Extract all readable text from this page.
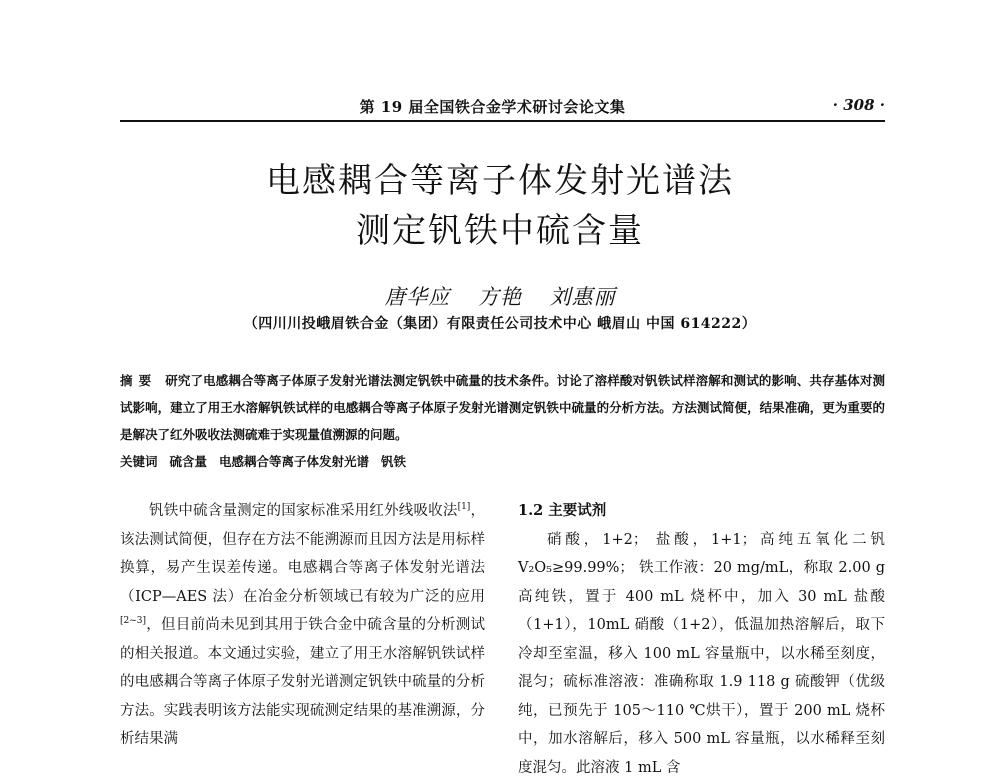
第 19 届全国铁合金学术研讨会论文集	· 308 ·
电感耦合等离子体发射光谱法
测定钒铁中硫含量
唐华应 方艳 刘惠丽
（四川川投峨眉铁合金（集团）有限责任公司技术中心 峨眉山 中国 614222）
摘要 研究了电感耦合等离子体原子发射光谱法测定钒铁中硫量的技术条件。讨论了溶样酸对钒铁试样溶解和测试的影响、共存基体对测试影响，建立了用王水溶解钒铁试样的电感耦合等离子体原子发射光谱测定钒铁中硫量的分析方法。方法测试简便，结果准确，更为重要的是解决了红外吸收法测硫难于实现量值溯源的问题。
关键词 硫含量 电感耦合等离子体发射光谱 钒铁

钒铁中硫含量测定的国家标准采用红外线吸收法[1]，该法测试简便，但存在方法不能溯源而且因方法是用标样换算，易产生误差传递。电感耦合等离子体发射光谱法（ICP—AES 法）在冶金分析领域已有较为广泛的应用[2~3]，但目前尚未见到其用于铁合金中硫含量的分析测试的相关报道。本文通过实验，建立了用王水溶解钒铁试样的电感耦合等离子体原子发射光谱测定钒铁中硫量的分析方法。实践表明该方法能实现硫测定结果的基准溯源，分析结果满

1.2 主要试剂

硝酸，1+2； 盐酸，1+1；高纯五氧化二钒 V₂O₅≥99.99%； 铁工作液：20 mg/mL，称取 2.00 g 高纯铁，置于 400 mL 烧杯中，加入 30 mL 盐酸（1+1），10mL 硝酸（1+2），低温加热溶解后，取下冷却至室温，移入 100 mL 容量瓶中，以水稀至刻度，混匀；硫标准溶液：准确称取 1.9 118 g 硫酸钾（优级纯，已预先于 105～110 ℃烘干），置于 200 mL 烧杯中，加水溶解后，移入 500 mL 容量瓶，以水稀释至刻度混匀。此溶液 1 mL 含
